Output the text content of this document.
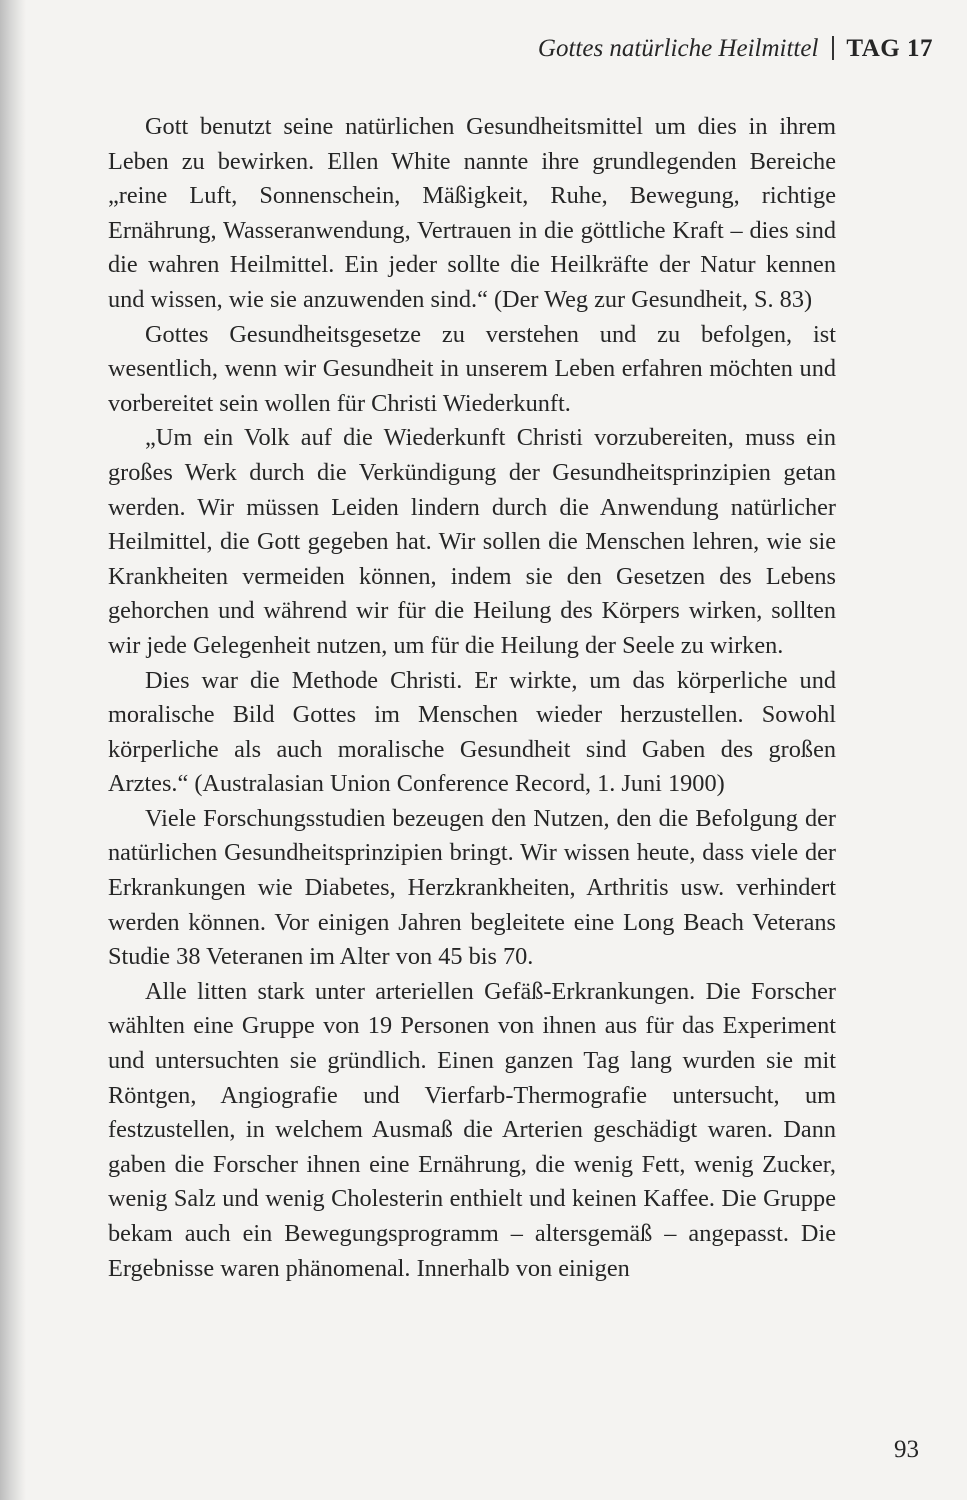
Gottes natürliche Heilmittel TAG 17

Gott benutzt seine natürlichen Gesundheitsmittel um dies in ihrem Leben zu bewirken. Ellen White nannte ihre grundlegenden Bereiche „reine Luft, Sonnenschein, Mäßigkeit, Ruhe, Bewegung, richtige Ernährung, Wasseranwendung, Vertrauen in die göttliche Kraft – dies sind die wahren Heilmittel. Ein jeder sollte die Heilkräfte der Natur kennen und wissen, wie sie anzuwenden sind.“ (Der Weg zur Gesundheit, S. 83)

Gottes Gesundheitsgesetze zu verstehen und zu befolgen, ist wesentlich, wenn wir Gesundheit in unserem Leben erfahren möchten und vorbereitet sein wollen für Christi Wiederkunft.

„Um ein Volk auf die Wiederkunft Christi vorzubereiten, muss ein großes Werk durch die Verkündigung der Gesundheitsprinzipien getan werden. Wir müssen Leiden lindern durch die Anwendung natürlicher Heilmittel, die Gott gegeben hat. Wir sollen die Menschen lehren, wie sie Krankheiten vermeiden können, indem sie den Gesetzen des Lebens gehorchen und während wir für die Heilung des Körpers wirken, sollten wir jede Gelegenheit nutzen, um für die Heilung der Seele zu wirken.

Dies war die Methode Christi. Er wirkte, um das körperliche und moralische Bild Gottes im Menschen wieder herzustellen. Sowohl körperliche als auch moralische Gesundheit sind Gaben des großen Arztes.“ (Australasian Union Conference Record, 1. Juni 1900)

Viele Forschungsstudien bezeugen den Nutzen, den die Befolgung der natürlichen Gesundheitsprinzipien bringt. Wir wissen heute, dass viele der Erkrankungen wie Diabetes, Herzkrankheiten, Arthritis usw. verhindert werden können. Vor einigen Jahren begleitete eine Long Beach Veterans Studie 38 Veteranen im Alter von 45 bis 70.

Alle litten stark unter arteriellen Gefäß-Erkrankungen. Die Forscher wählten eine Gruppe von 19 Personen von ihnen aus für das Experiment und untersuchten sie gründlich. Einen ganzen Tag lang wurden sie mit Röntgen, Angiografie und Vierfarb-Thermografie untersucht, um festzustellen, in welchem Ausmaß die Arterien geschädigt waren. Dann gaben die Forscher ihnen eine Ernährung, die wenig Fett, wenig Zucker, wenig Salz und wenig Cholesterin enthielt und keinen Kaffee. Die Gruppe bekam auch ein Bewegungsprogramm – altersgemäß – angepasst. Die Ergebnisse waren phänomenal. Innerhalb von einigen

93
